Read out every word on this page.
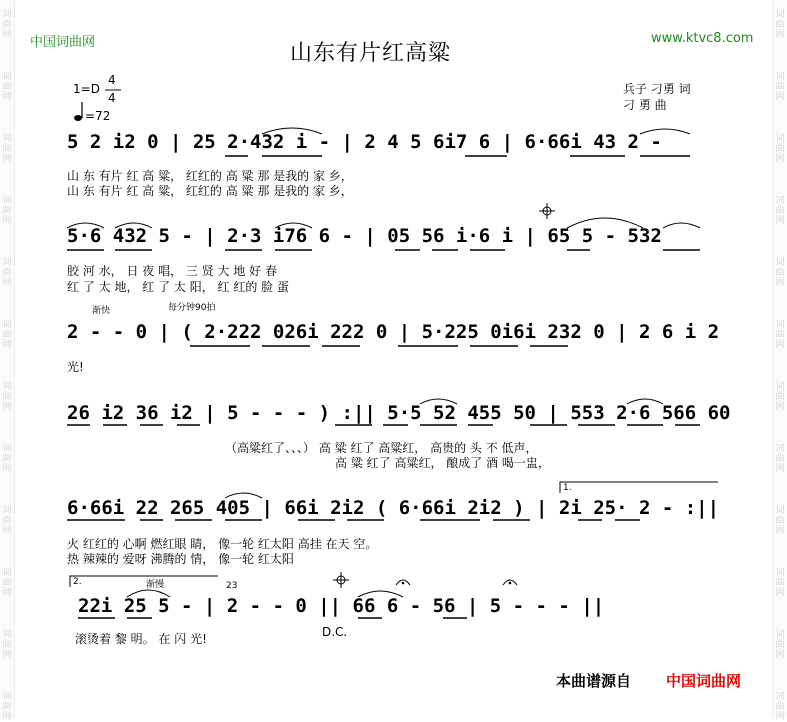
词
曲
网
词
曲
网
词
曲
网
词
曲
网
词
曲
网
词
曲
网
词
曲
网
词
曲
网
词
曲
网
词
曲
网
词
曲
网
词
曲
网
词
曲
网
词
曲
网
词
曲
网
词
曲
网
词
曲
网
词
曲
网
词
曲
网
词
曲
网
词
曲
网
词
曲
网
词
曲
网
词
曲
网
中国词曲网	www.ktvc8.com
山东有片红高粱
兵子 刁勇 词
刁 勇 曲
1=D
4
4
=72
5 2 i2 0 | 25 2·432 i - | 2 4 5 6i7 6 | 6·66i 43 2 -
山 东 有片 红 高 粱， 红红的 高 粱 那 是我的 家 乡，
山 东 有片 红 高 粱， 红红的 高 粱 那 是我的 家 乡，
5·6 432 5 - | 2·3 i76 6 - | 05 56 i·6 i | 65 5 - 532
胶 河 水， 日 夜 唱， 三 贤 大 地 好 春
红 了 太 地， 红 了 太 阳， 红 红的 脸 蛋
渐快	每分钟90拍
2 - - 0 | ( 2·222 026i 222 0 | 5·225 0i6i 232 0 | 2 6 i 2
光!
26 i2 36 i2 | 5 - - - ) :|| 5·5 52 455 50 | 553 2·6 566 60
（高粱红了、、、） 高 粱 红了 高粱红， 高贵的 头 不 低声，
高 粱 红了 高粱红， 酿成了 酒 喝一盅，
1.
6·66i 22 265 405 | 66i 2i2 ( 6·66i 2i2 ) | 2i 25· 2 - :||
火 红红的 心啊 燃红眼 睛， 像一轮 红太阳 高挂 在天 空。
热 辣辣的 爱呀 沸腾的 情， 像一轮 红太阳
2.	渐慢	23
22i 25 5 - | 2 - - 0 || 66 6 - 56 | 5 - - - ||
D.C.
滚烫着 黎 明。 在 闪 光!
本曲谱源自 中国词曲网
